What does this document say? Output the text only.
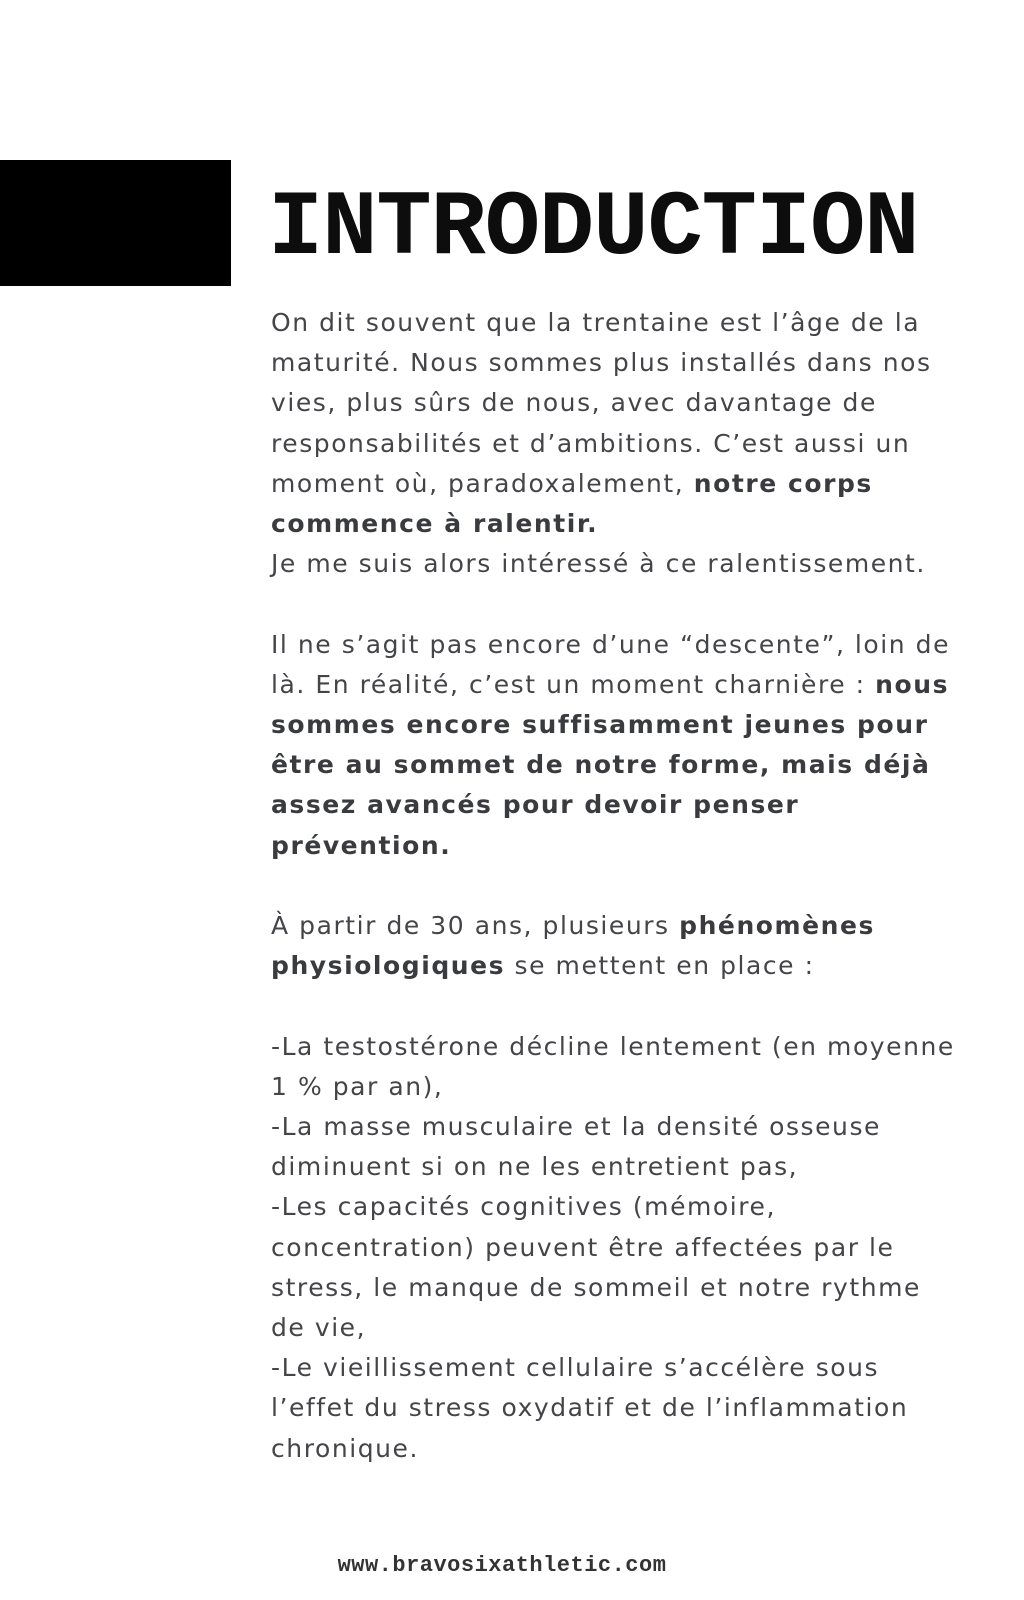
INTRODUCTION

On dit souvent que la trentaine est l’âge de la maturité. Nous sommes plus installés dans nos vies, plus sûrs de nous, avec davantage de responsabilités et d’ambitions. C’est aussi un moment où, paradoxalement, notre corps commence à ralentir.
Je me suis alors intéressé à ce ralentissement.

Il ne s’agit pas encore d’une “descente”, loin de là. En réalité, c’est un moment charnière : nous sommes encore suffisamment jeunes pour être au sommet de notre forme, mais déjà assez avancés pour devoir penser prévention.

À partir de 30 ans, plusieurs phénomènes physiologiques se mettent en place :

-La testostérone décline lentement (en moyenne 1 % par an),

-La masse musculaire et la densité osseuse diminuent si on ne les entretient pas,

-Les capacités cognitives (mémoire, concentration) peuvent être affectées par le stress, le manque de sommeil et notre rythme de vie,

-Le vieillissement cellulaire s’accélère sous l’effet du stress oxydatif et de l’inflammation chronique.

www.bravosixathletic.com
